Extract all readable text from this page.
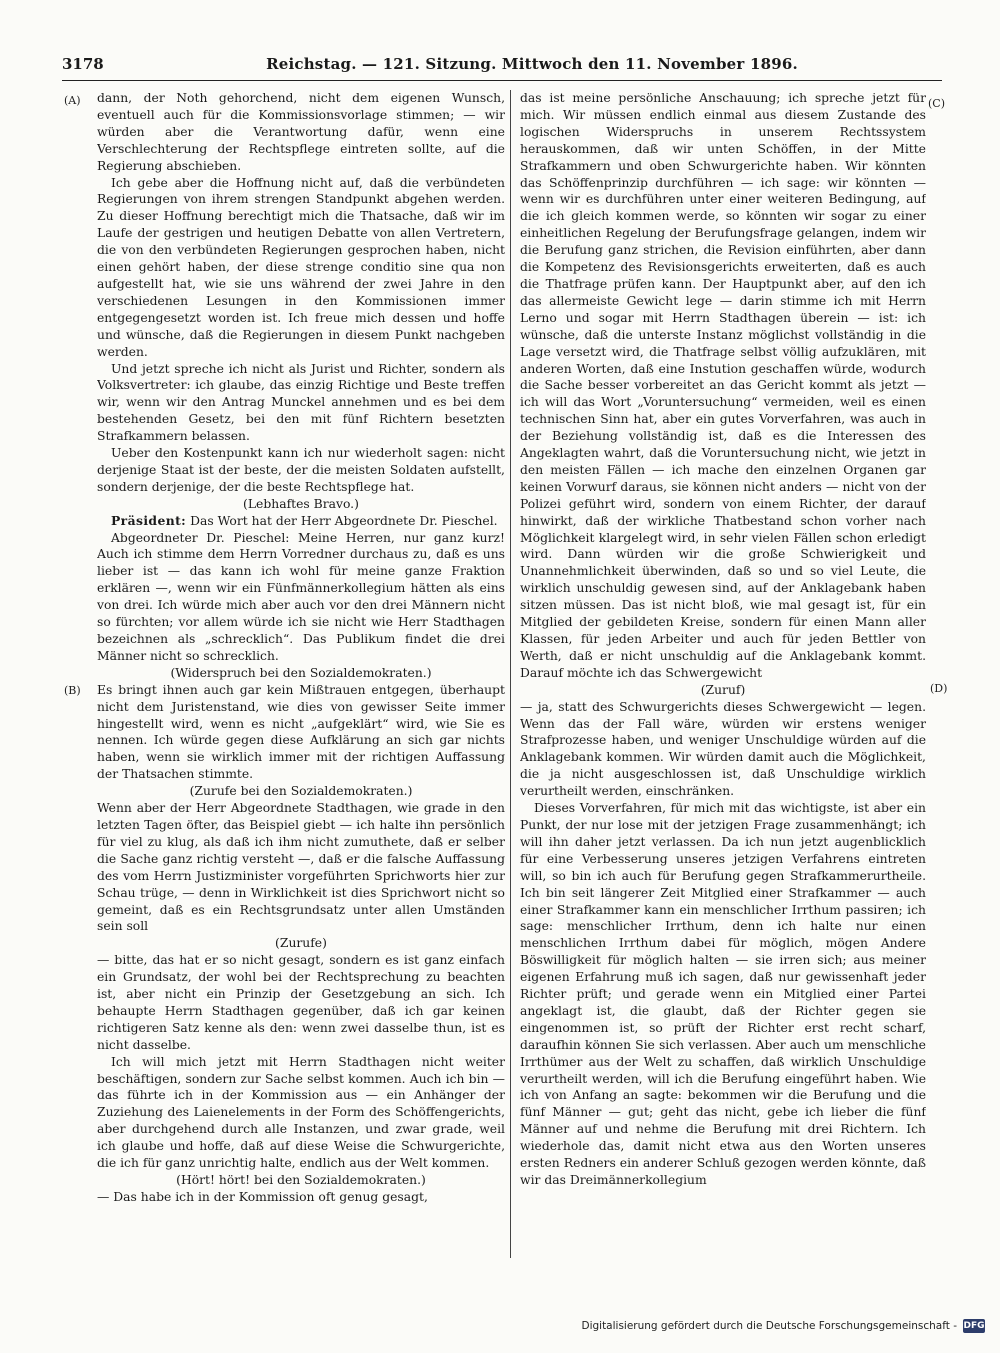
3178	Reichstag. — 121. Sitzung. Mittwoch den 11. November 1896.
(A)
(B)
(C)
(D)

dann, der Noth gehorchend, nicht dem eigenen Wunsch, eventuell auch für die Kommissionsvorlage stimmen; — wir würden aber die Verantwortung dafür, wenn eine Verschlechterung der Rechtspflege eintreten sollte, auf die Regierung abschieben.

Ich gebe aber die Hoffnung nicht auf, daß die verbündeten Regierungen von ihrem strengen Standpunkt abgehen werden. Zu dieser Hoffnung berechtigt mich die Thatsache, daß wir im Laufe der gestrigen und heutigen Debatte von allen Vertretern, die von den verbündeten Regierungen gesprochen haben, nicht einen gehört haben, der diese strenge conditio sine qua non aufgestellt hat, wie sie uns während der zwei Jahre in den verschiedenen Lesungen in den Kommissionen immer entgegengesetzt worden ist. Ich freue mich dessen und hoffe und wünsche, daß die Regierungen in diesem Punkt nachgeben werden.

Und jetzt spreche ich nicht als Jurist und Richter, sondern als Volksvertreter: ich glaube, das einzig Richtige und Beste treffen wir, wenn wir den Antrag Munckel annehmen und es bei dem bestehenden Gesetz, bei den mit fünf Richtern besetzten Strafkammern belassen.

Ueber den Kostenpunkt kann ich nur wiederholt sagen: nicht derjenige Staat ist der beste, der die meisten Soldaten aufstellt, sondern derjenige, der die beste Rechtspflege hat.

(Lebhaftes Bravo.)

Präsident: Das Wort hat der Herr Abgeordnete Dr. Pieschel.

Abgeordneter Dr. Pieschel: Meine Herren, nur ganz kurz! Auch ich stimme dem Herrn Vorredner durchaus zu, daß es uns lieber ist — das kann ich wohl für meine ganze Fraktion erklären —, wenn wir ein Fünfmännerkollegium hätten als eins von drei. Ich würde mich aber auch vor den drei Männern nicht so fürchten; vor allem würde ich sie nicht wie Herr Stadthagen bezeichnen als „schrecklich“. Das Publikum findet die drei Männer nicht so schrecklich.

(Widerspruch bei den Sozialdemokraten.)

Es bringt ihnen auch gar kein Mißtrauen entgegen, überhaupt nicht dem Juristenstand, wie dies von gewisser Seite immer hingestellt wird, wenn es nicht „aufgeklärt“ wird, wie Sie es nennen. Ich würde gegen diese Aufklärung an sich gar nichts haben, wenn sie wirklich immer mit der richtigen Auffassung der Thatsachen stimmte.

(Zurufe bei den Sozialdemokraten.)

Wenn aber der Herr Abgeordnete Stadthagen, wie grade in den letzten Tagen öfter, das Beispiel giebt — ich halte ihn persönlich für viel zu klug, als daß ich ihm nicht zumuthete, daß er selber die Sache ganz richtig versteht —, daß er die falsche Auffassung des vom Herrn Justizminister vorgeführten Sprichworts hier zur Schau trüge, — denn in Wirklichkeit ist dies Sprichwort nicht so gemeint, daß es ein Rechtsgrundsatz unter allen Umständen sein soll

(Zurufe)

— bitte, das hat er so nicht gesagt, sondern es ist ganz einfach ein Grundsatz, der wohl bei der Rechtsprechung zu beachten ist, aber nicht ein Prinzip der Gesetzgebung an sich. Ich behaupte Herrn Stadthagen gegenüber, daß ich gar keinen richtigeren Satz kenne als den: wenn zwei dasselbe thun, ist es nicht dasselbe.

Ich will mich jetzt mit Herrn Stadthagen nicht weiter beschäftigen, sondern zur Sache selbst kommen. Auch ich bin — das führte ich in der Kommission aus — ein Anhänger der Zuziehung des Laienelements in der Form des Schöffengerichts, aber durchgehend durch alle Instanzen, und zwar grade, weil ich glaube und hoffe, daß auf diese Weise die Schwurgerichte, die ich für ganz unrichtig halte, endlich aus der Welt kommen.

(Hört! hört! bei den Sozialdemokraten.)

— Das habe ich in der Kommission oft genug gesagt,

das ist meine persönliche Anschauung; ich spreche jetzt für mich. Wir müssen endlich einmal aus diesem Zustande des logischen Widerspruchs in unserem Rechtssystem herauskommen, daß wir unten Schöffen, in der Mitte Strafkammern und oben Schwurgerichte haben. Wir könnten das Schöffenprinzip durchführen — ich sage: wir könnten — wenn wir es durchführen unter einer weiteren Bedingung, auf die ich gleich kommen werde, so könnten wir sogar zu einer einheitlichen Regelung der Berufungsfrage gelangen, indem wir die Berufung ganz strichen, die Revision einführten, aber dann die Kompetenz des Revisionsgerichts erweiterten, daß es auch die Thatfrage prüfen kann. Der Hauptpunkt aber, auf den ich das allermeiste Gewicht lege — darin stimme ich mit Herrn Lerno und sogar mit Herrn Stadthagen überein — ist: ich wünsche, daß die unterste Instanz möglichst vollständig in die Lage versetzt wird, die Thatfrage selbst völlig aufzuklären, mit anderen Worten, daß eine Instution geschaffen würde, wodurch die Sache besser vorbereitet an das Gericht kommt als jetzt — ich will das Wort „Voruntersuchung“ vermeiden, weil es einen technischen Sinn hat, aber ein gutes Vorverfahren, was auch in der Beziehung vollständig ist, daß es die Interessen des Angeklagten wahrt, daß die Voruntersuchung nicht, wie jetzt in den meisten Fällen — ich mache den einzelnen Organen gar keinen Vorwurf daraus, sie können nicht anders — nicht von der Polizei geführt wird, sondern von einem Richter, der darauf hinwirkt, daß der wirkliche Thatbestand schon vorher nach Möglichkeit klargelegt wird, in sehr vielen Fällen schon erledigt wird. Dann würden wir die große Schwierigkeit und Unannehmlichkeit überwinden, daß so und so viel Leute, die wirklich unschuldig gewesen sind, auf der Anklagebank haben sitzen müssen. Das ist nicht bloß, wie mal gesagt ist, für ein Mitglied der gebildeten Kreise, sondern für einen Mann aller Klassen, für jeden Arbeiter und auch für jeden Bettler von Werth, daß er nicht unschuldig auf die Anklagebank kommt. Darauf möchte ich das Schwergewicht

(Zuruf)

— ja, statt des Schwurgerichts dieses Schwergewicht — legen. Wenn das der Fall wäre, würden wir erstens weniger Strafprozesse haben, und weniger Unschuldige würden auf die Anklagebank kommen. Wir würden damit auch die Möglichkeit, die ja nicht ausgeschlossen ist, daß Unschuldige wirklich verurtheilt werden, einschränken.

Dieses Vorverfahren, für mich mit das wichtigste, ist aber ein Punkt, der nur lose mit der jetzigen Frage zusammenhängt; ich will ihn daher jetzt verlassen. Da ich nun jetzt augenblicklich für eine Verbesserung unseres jetzigen Verfahrens eintreten will, so bin ich auch für Berufung gegen Strafkammerurtheile. Ich bin seit längerer Zeit Mitglied einer Strafkammer — auch einer Strafkammer kann ein menschlicher Irrthum passiren; ich sage: menschlicher Irrthum, denn ich halte nur einen menschlichen Irrthum dabei für möglich, mögen Andere Böswilligkeit für möglich halten — sie irren sich; aus meiner eigenen Erfahrung muß ich sagen, daß nur gewissenhaft jeder Richter prüft; und gerade wenn ein Mitglied einer Partei angeklagt ist, die glaubt, daß der Richter gegen sie eingenommen ist, so prüft der Richter erst recht scharf, daraufhin können Sie sich verlassen. Aber auch um menschliche Irrthümer aus der Welt zu schaffen, daß wirklich Unschuldige verurtheilt werden, will ich die Berufung eingeführt haben. Wie ich von Anfang an sagte: bekommen wir die Berufung und die fünf Männer — gut; geht das nicht, gebe ich lieber die fünf Männer auf und nehme die Berufung mit drei Richtern. Ich wiederhole das, damit nicht etwa aus den Worten unseres ersten Redners ein anderer Schluß gezogen werden könnte, daß wir das Dreimännerkollegium

Digitalisierung gefördert durch die Deutsche Forschungsgemeinschaft - DFG
